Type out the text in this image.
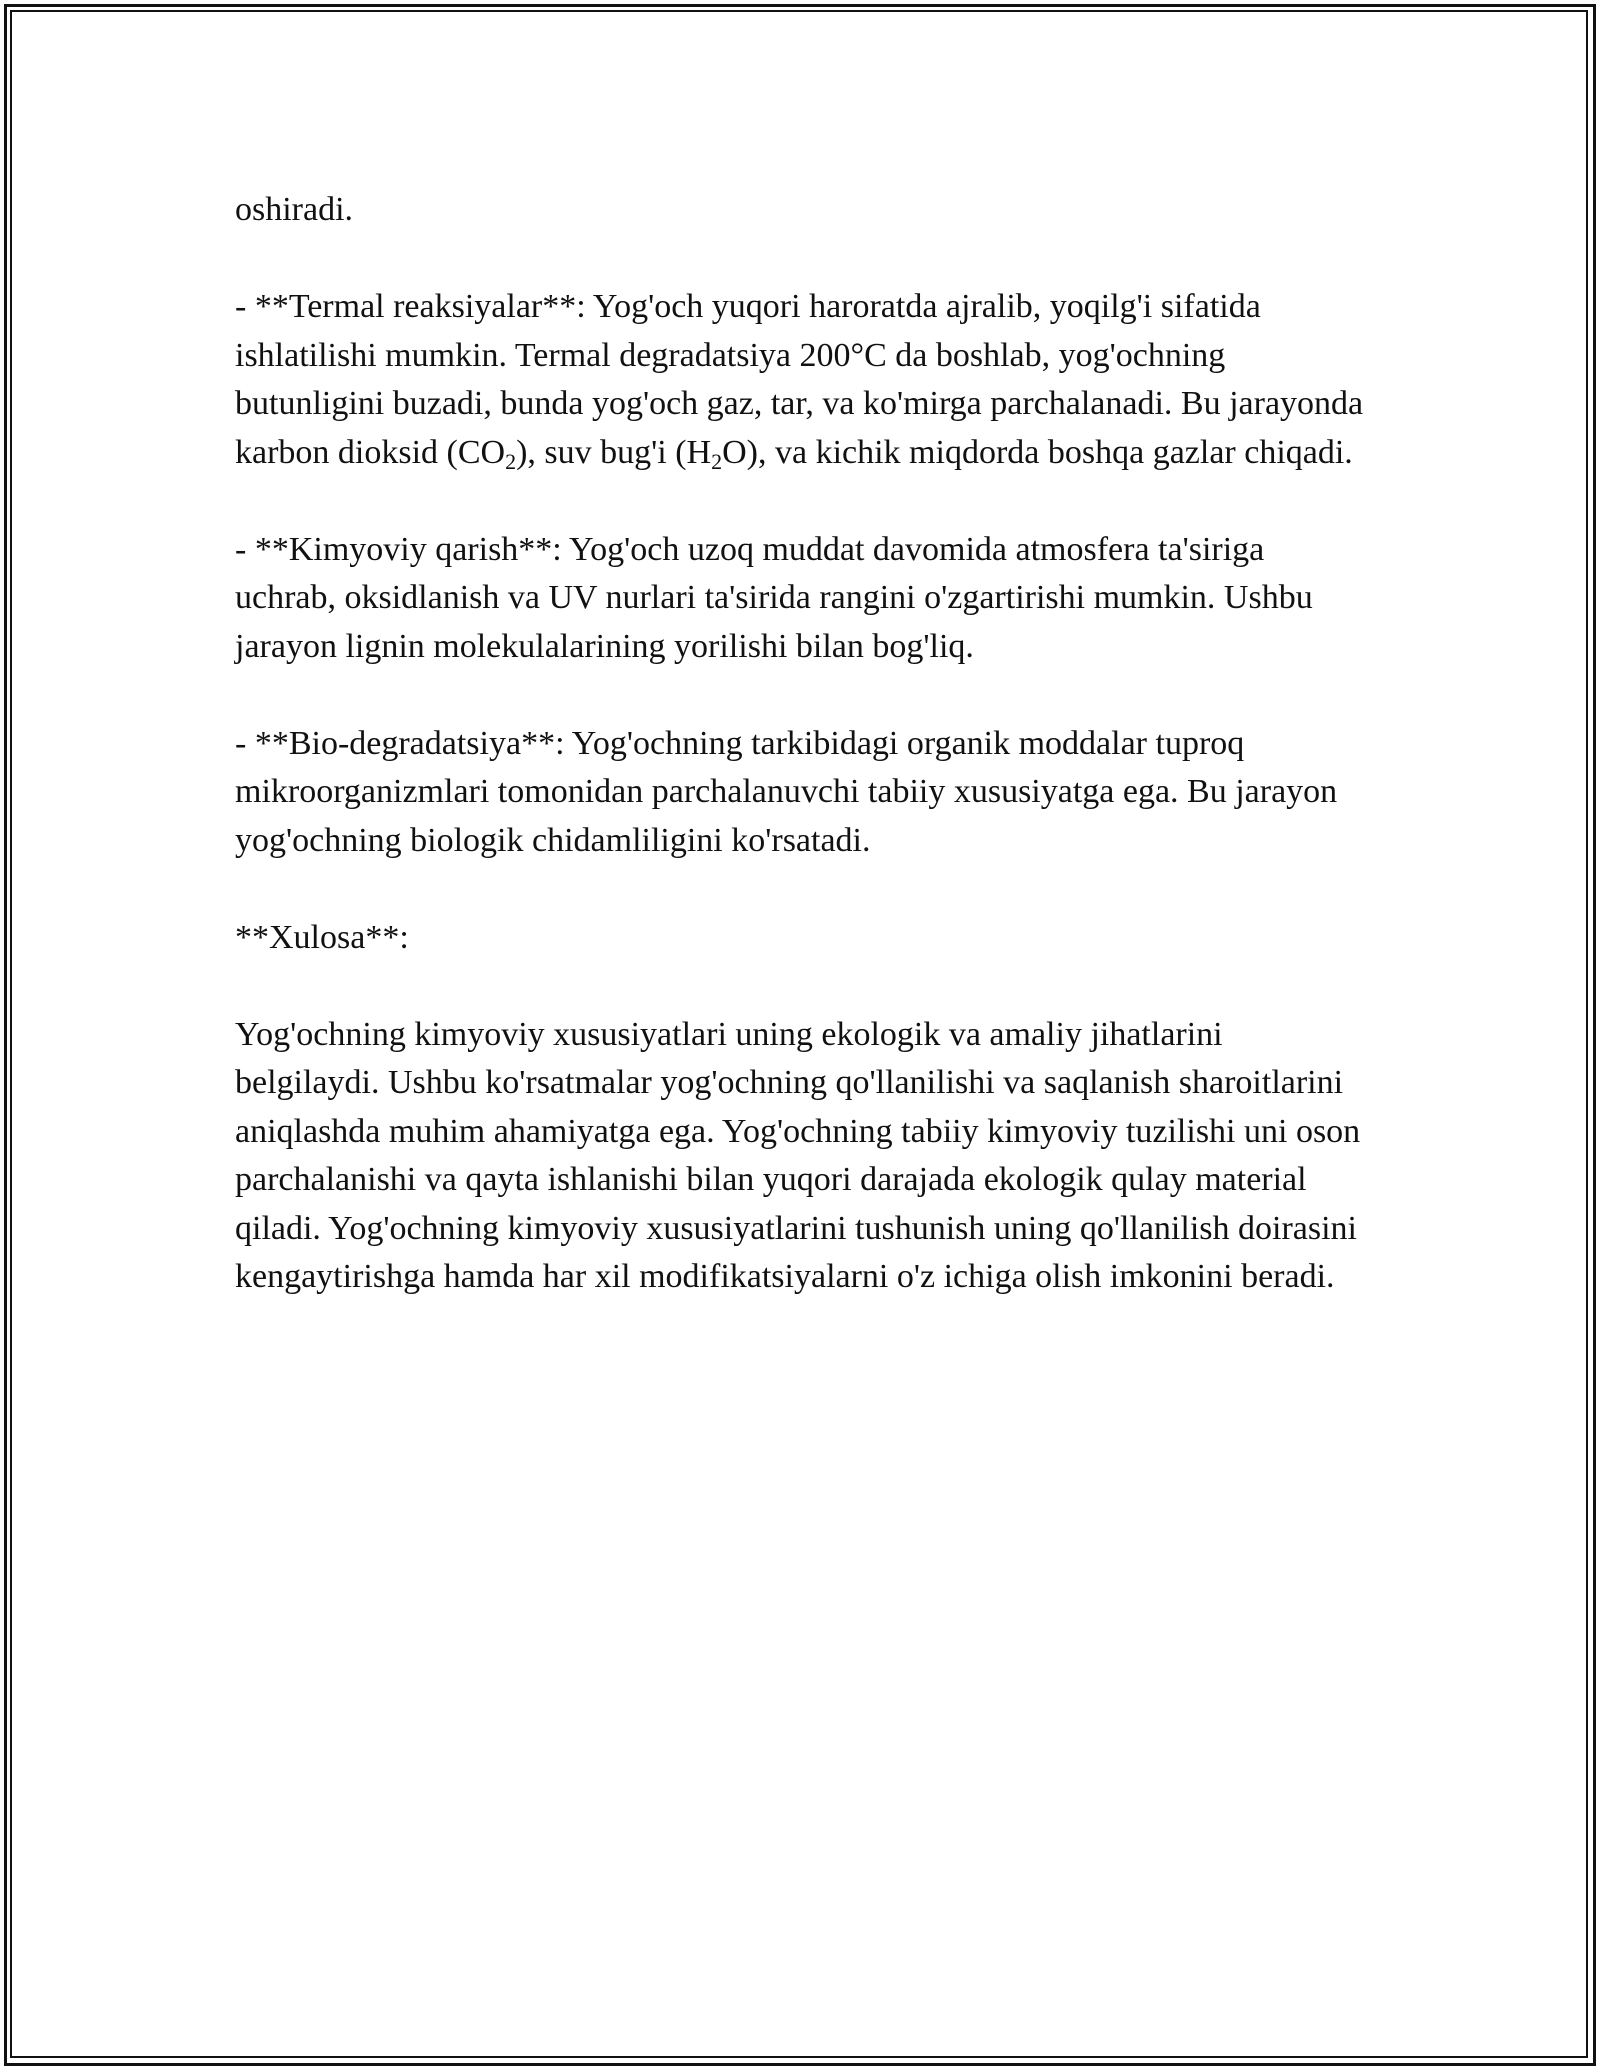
oshiradi.

- **Termal reaksiyalar**: Yog'och yuqori haroratda ajralib, yoqilg'i sifatida ishlatilishi mumkin. Termal degradatsiya 200°C da boshlab, yog'ochning butunligini buzadi, bunda yog'och gaz, tar, va ko'mirga parchalanadi. Bu jarayonda karbon dioksid $(CO_2)$, suv bug'i $(H_2O)$, va kichik miqdorda boshqa gazlar chiqadi.

- **Kimyoviy qarish**: Yog'och uzoq muddat davomida atmosfera ta'siriga uchrab, oksidlanish va UV nurlari ta'sirida rangini o'zgartirishi mumkin. Ushbu jarayon lignin molekulalarining yorilishi bilan bog'liq.

- **Bio-degradatsiya**: Yog'ochning tarkibidagi organik moddalar tuproq mikroorganizmlari tomonidan parchalanuvchi tabiiy xususiyatga ega. Bu jarayon yog'ochning biologik chidamliligini ko'rsatadi.

**Xulosa**:

Yog'ochning kimyoviy xususiyatlari uning ekologik va amaliy jihatlarini belgilaydi. Ushbu ko'rsatmalar yog'ochning qo'llanilishi va saqlanish sharoitlarini aniqlashda muhim ahamiyatga ega. Yog'ochning tabiiy kimyoviy tuzilishi uni oson parchalanishi va qayta ishlanishi bilan yuqori darajada ekologik qulay material qiladi. Yog'ochning kimyoviy xususiyatlarini tushunish uning qo'llanilish doirasini kengaytirishga hamda har xil modifikatsiyalarni o'z ichiga olish imkonini beradi.
